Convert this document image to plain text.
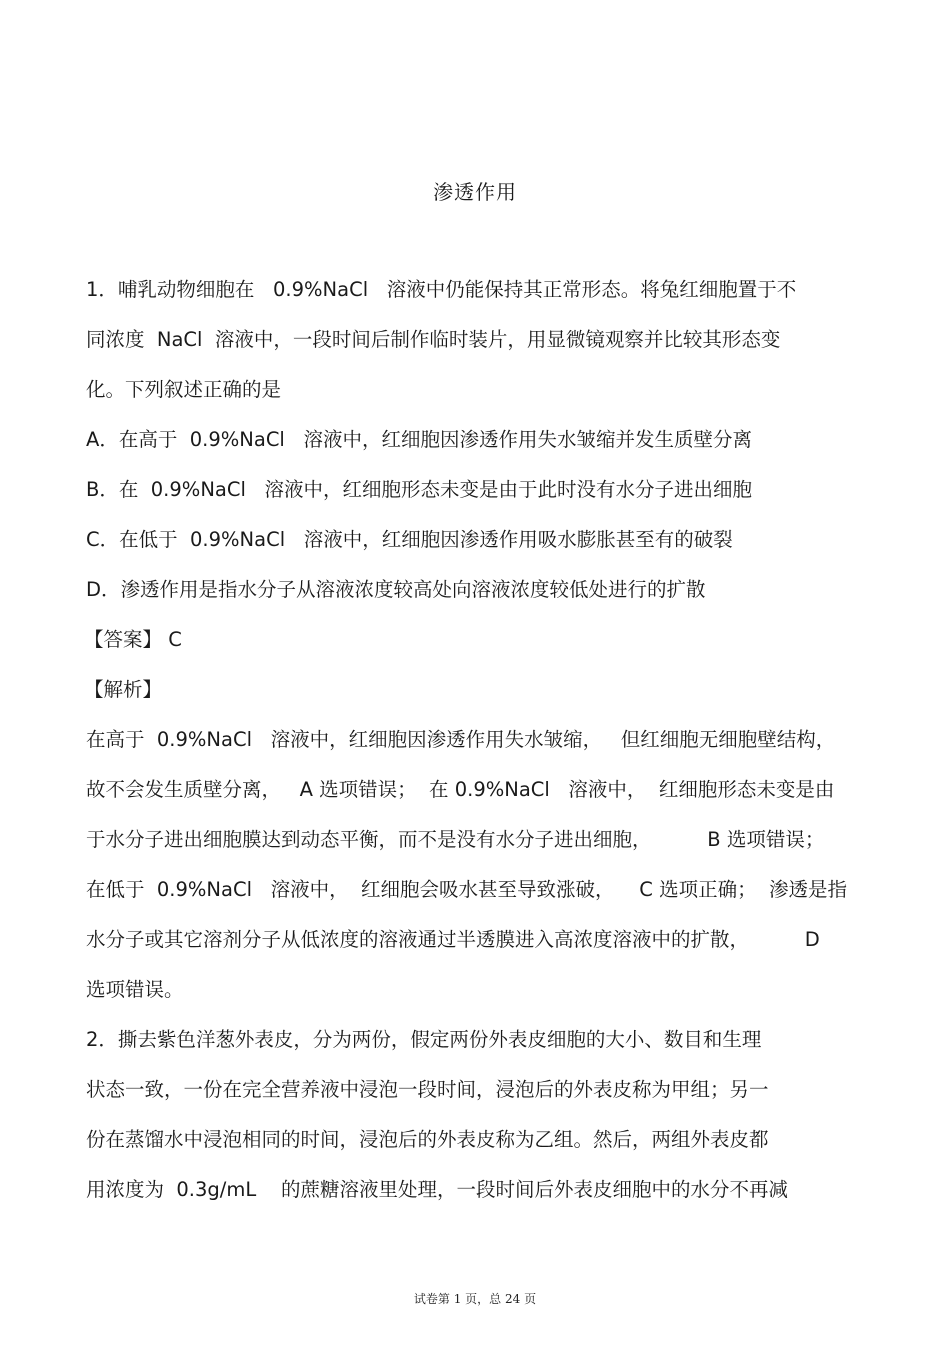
渗透作用
1．哺乳动物细胞在   0.9%NaCl   溶液中仍能保持其正常形态。将兔红细胞置于不
同浓度  NaCl  溶液中，一段时间后制作临时装片，用显微镜观察并比较其形态变
化。下列叙述正确的是
A．在高于  0.9%NaCl   溶液中，红细胞因渗透作用失水皱缩并发生质壁分离
B．在  0.9%NaCl   溶液中，红细胞形态未变是由于此时没有水分子进出细胞
C．在低于  0.9%NaCl   溶液中，红细胞因渗透作用吸水膨胀甚至有的破裂
D．渗透作用是指水分子从溶液浓度较高处向溶液浓度较低处进行的扩散
【答案】 C
【解析】
在高于  0.9%NaCl   溶液中，红细胞因渗透作用失水皱缩，   但红细胞无细胞壁结构，
故不会发生质壁分离，   A 选项错误；  在 0.9%NaCl   溶液中，  红细胞形态未变是由
于水分子进出细胞膜达到动态平衡，而不是没有水分子进出细胞，         B 选项错误；
在低于  0.9%NaCl   溶液中，  红细胞会吸水甚至导致涨破，    C 选项正确；  渗透是指
水分子或其它溶剂分子从低浓度的溶液通过半透膜进入高浓度溶液中的扩散，         D
选项错误。
2．撕去紫色洋葱外表皮，分为两份，假定两份外表皮细胞的大小、数目和生理
状态一致，一份在完全营养液中浸泡一段时间，浸泡后的外表皮称为甲组；另一
份在蒸馏水中浸泡相同的时间，浸泡后的外表皮称为乙组。然后，两组外表皮都
用浓度为  0.3g/mL    的蔗糖溶液里处理，一段时间后外表皮细胞中的水分不再减
试卷第 1 页，总 24 页
